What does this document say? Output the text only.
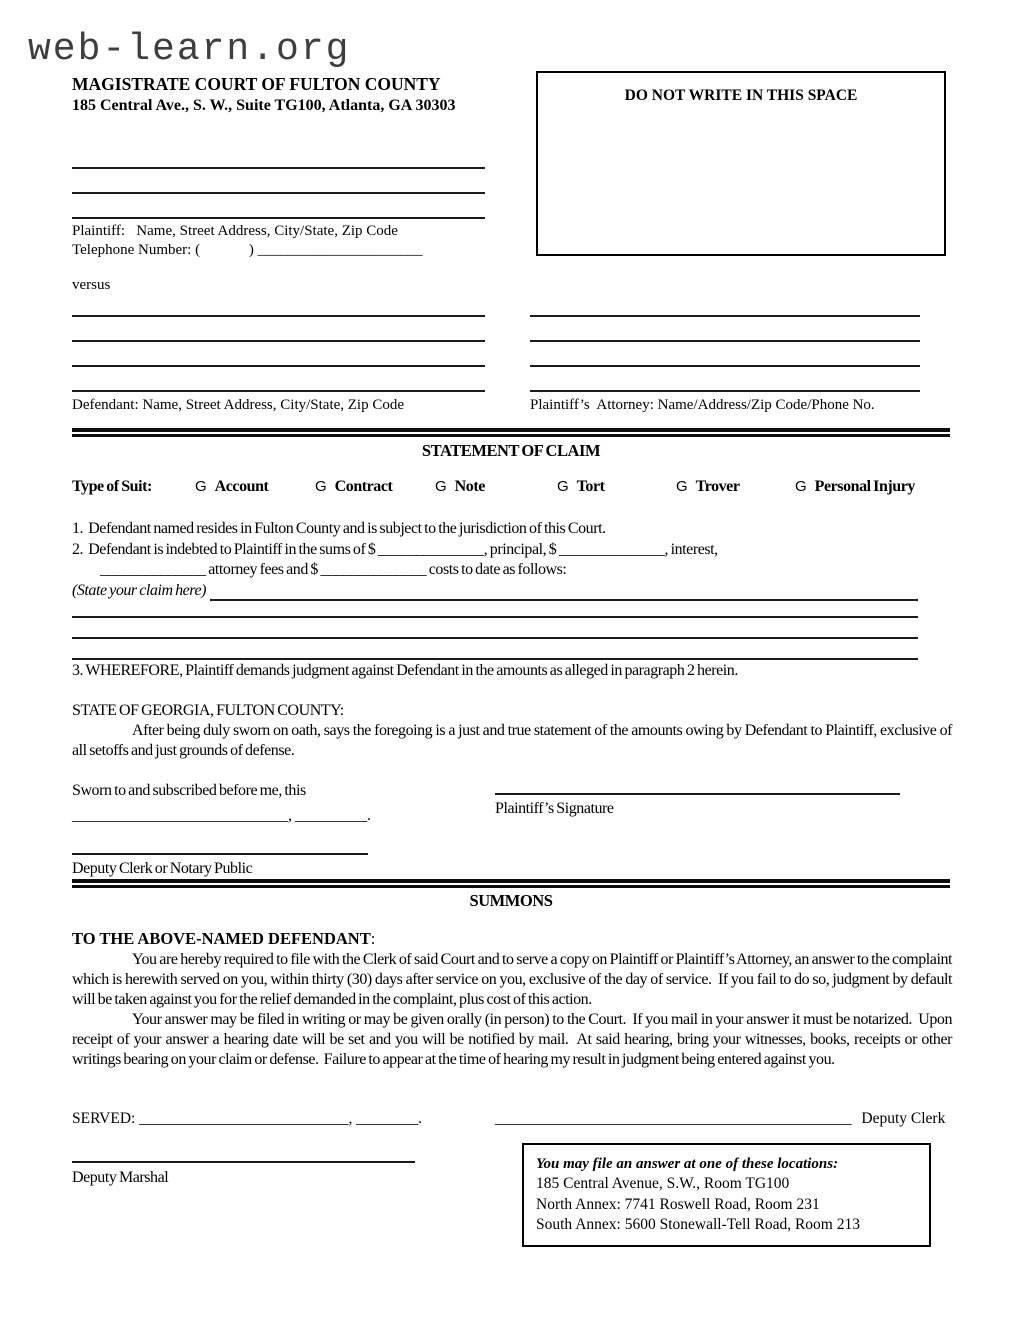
web-learn.org
MAGISTRATE COURT OF FULTON COUNTY
185 Central Ave., S. W., Suite TG100, Atlanta, GA 30303
DO NOT WRITE IN THIS SPACE
Plaintiff:   Name, Street Address, City/State, Zip Code
Telephone Number: (             ) ______________________
versus
Defendant: Name, Street Address, City/State, Zip Code	Plaintiff’s  Attorney: Name/Address/Zip Code/Phone No.
STATEMENT OF CLAIM
Type of Suit:	G Account	G Contract	G Note	G Tort	G Trover	G Personal Injury
1.  Defendant named resides in Fulton County and is subject to the jurisdiction of this Court.
2.  Defendant is indebted to Plaintiff in the sums of $ ______________, principal, $ ______________, interest,
______________ attorney fees and $ ______________ costs to date as follows:
(State your claim here)
3. WHEREFORE, Plaintiff demands judgment against Defendant in the amounts as alleged in paragraph 2 herein.
STATE OF GEORGIA, FULTON COUNTY:

After being duly sworn on oath, says the foregoing is a just and true statement of the amounts owing by Defendant to Plaintiff, exclusive of all setoffs and just grounds of defense.

Sworn to and subscribed before me, this
___________________________, _________.	Plaintiff’s Signature
Deputy Clerk or Notary Public
SUMMONS
TO THE ABOVE-NAMED DEFENDANT:

You are hereby required to file with the Clerk of said Court and to serve a copy on Plaintiff or Plaintiff’s Attorney, an answer to the complaint which is herewith served on you, within thirty (30) days after service on you, exclusive of the day of service.  If you fail to do so, judgment by default will be taken against you for the relief demanded in the complaint, plus cost of this action.

Your answer may be filed in writing or may be given orally (in person) to the Court.  If you mail in your answer it must be notarized.  Upon receipt of your answer a hearing date will be set and you will be notified by mail.  At said hearing, bring your witnesses, books, receipts or other writings bearing on your claim or defense.  Failure to appear at the time of hearing my result in judgment being entered against you.

SERVED: ___________________________, ________.	______________________________________________ Deputy Clerk
Deputy Marshal
You may file an answer at one of these locations:
185 Central Avenue, S.W., Room TG100
North Annex: 7741 Roswell Road, Room 231
South Annex: 5600 Stonewall-Tell Road, Room 213
